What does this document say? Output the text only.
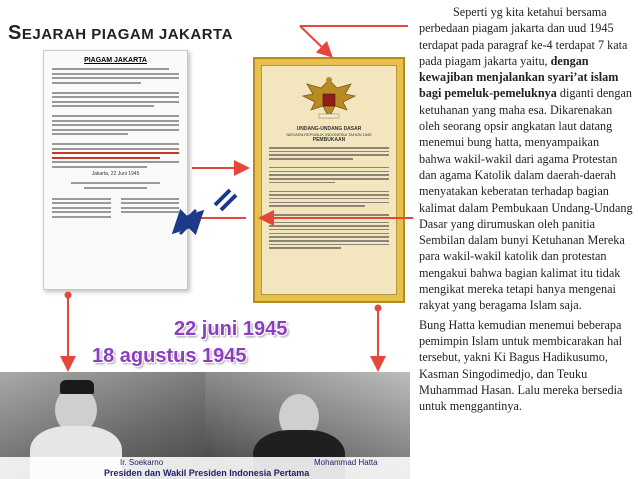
SEJARAH PIAGAM JAKARTA
PIAGAM JAKARTA
Jakarta, 22 Juni 1945
UNDANG-UNDANG DASAR
NEGARA REPUBLIK INDONESIA TAHUN 1945
PEMBUKAAN
22 juni 1945
18 agustus 1945
Ir. Soekarno	Mohammad Hatta
Presiden dan Wakil Presiden Indonesia Pertama

Seperti yg kita ketahui bersama perbedaan piagam jakarta dan uud 1945 terdapat pada paragraf ke-4 terdapat 7 kata pada piagam jakarta yaitu, dengan kewajiban menjalankan syari’at islam bagi pemeluk-pemeluknya diganti dengan ketuhanan yang maha esa. Dikarenakan oleh seorang opsir angkatan laut datang menemui bung hatta, menyampaikan bahwa wakil-wakil dari agama Protestan dan agama Katolik dalam daerah-daerah menyatakan keberatan terhadap bagian kalimat dalam Pembukaan Undang-Undang Dasar yang dirumuskan oleh panitia Sembilan dalam bunyi Ketuhanan Mereka para wakil-wakil katolik dan protestan mengakui bahwa bagian kalimat itu tidak mengikat mereka tetapi hanya mengenai rakyat yang beragama Islam saja.

Bung Hatta kemudian menemui beberapa pemimpin Islam untuk membicarakan hal tersebut, yakni Ki Bagus Hadikusumo, Kasman Singodimedjo, dan Teuku Muhammad Hasan. Lalu mereka bersedia untuk menggantinya.
